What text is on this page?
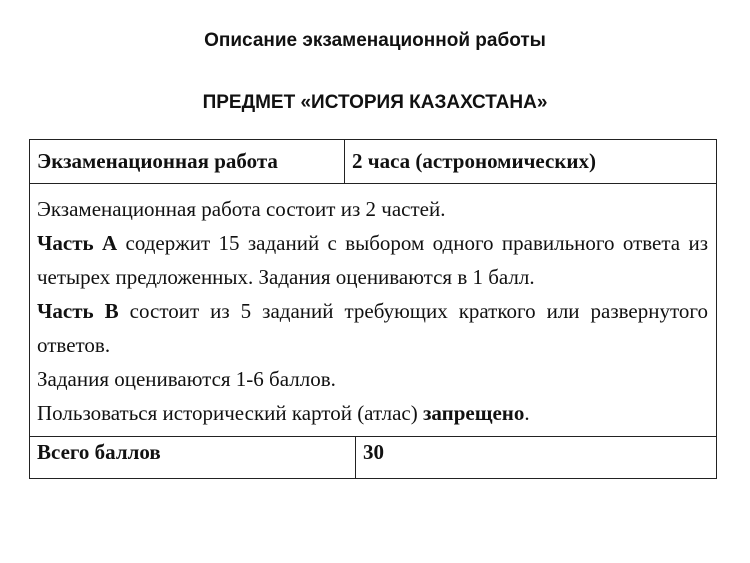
Описание экзаменационной работы
ПРЕДМЕТ «ИСТОРИЯ КАЗАХСТАНА»
Экзаменационная работа	2 часа (астрономических)	

Экзаменационная работа состоит из 2 частей.

Часть А содержит 15 заданий с выбором одного правильного ответа из четырех предложенных. Задания оцениваются в 1 балл.

Часть В состоит из 5 заданий требующих краткого или развернутого ответов.

Задания оцениваются 1-6 баллов.

Пользоваться исторический картой (атлас) запрещено.		

Всего баллов		30
